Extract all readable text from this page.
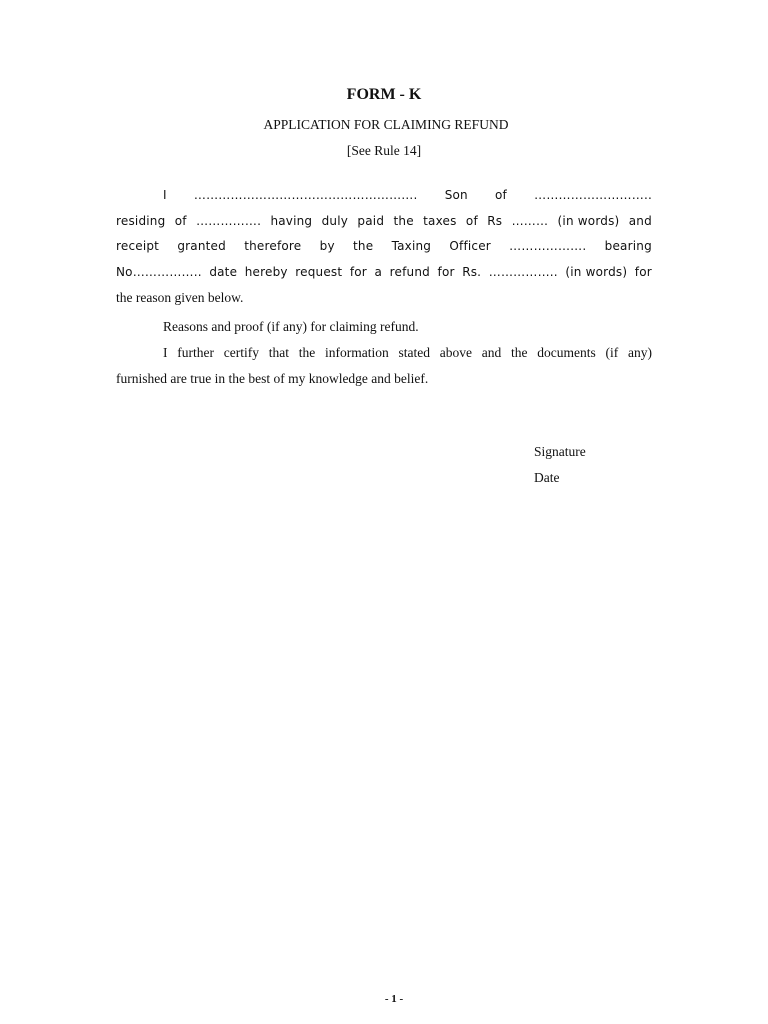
FORM - K
APPLICATION FOR CLAIMING REFUND
[See Rule 14]
I ………………………………………………. Son of ………………………..
residing of ……………. having duly paid the taxes of Rs ……… (in words) and
receipt granted therefore by the Taxing Officer ………………. bearing
No…………….. date hereby request for a refund for Rs. …………….. (in words) for
the reason given below.
Reasons and proof (if any) for claiming refund.
I further certify that the information stated above and the documents (if any)
furnished are true in the best of my knowledge and belief.
Signature
Date
- 1 -
